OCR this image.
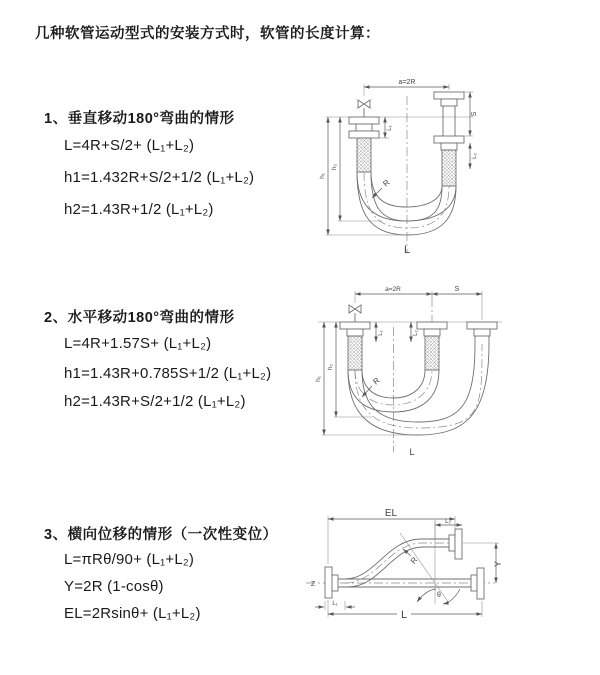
几种软管运动型式的安装方式时，软管的长度计算：
1、垂直移动180°弯曲的情形
L=4R+S/2+ (L₁+L₂)
h1=1.432R+S/2+1/2 (L₁+L₂)
h2=1.43R+1/2 (L₁+L₂)
2、水平移动180°弯曲的情形
L=4R+1.57S+ (L₁+L₂)
h1=1.43R+0.785S+1/2 (L₁+L₂)
h2=1.43R+S/2+1/2 (L₁+L₂)
3、横向位移的情形（一次性变位）
L=πRθ/90+ (L₁+L₂)
Y=2R (1-cosθ)
EL=2Rsinθ+ (L₁+L₂)
a=2R
S
L₂
L₁
h₁
h₂
R
L
a=2R	S
L₁	L₂
h₁
h₂
R
L
EL
L₂
θ
R
Z
Y
L₁
L
